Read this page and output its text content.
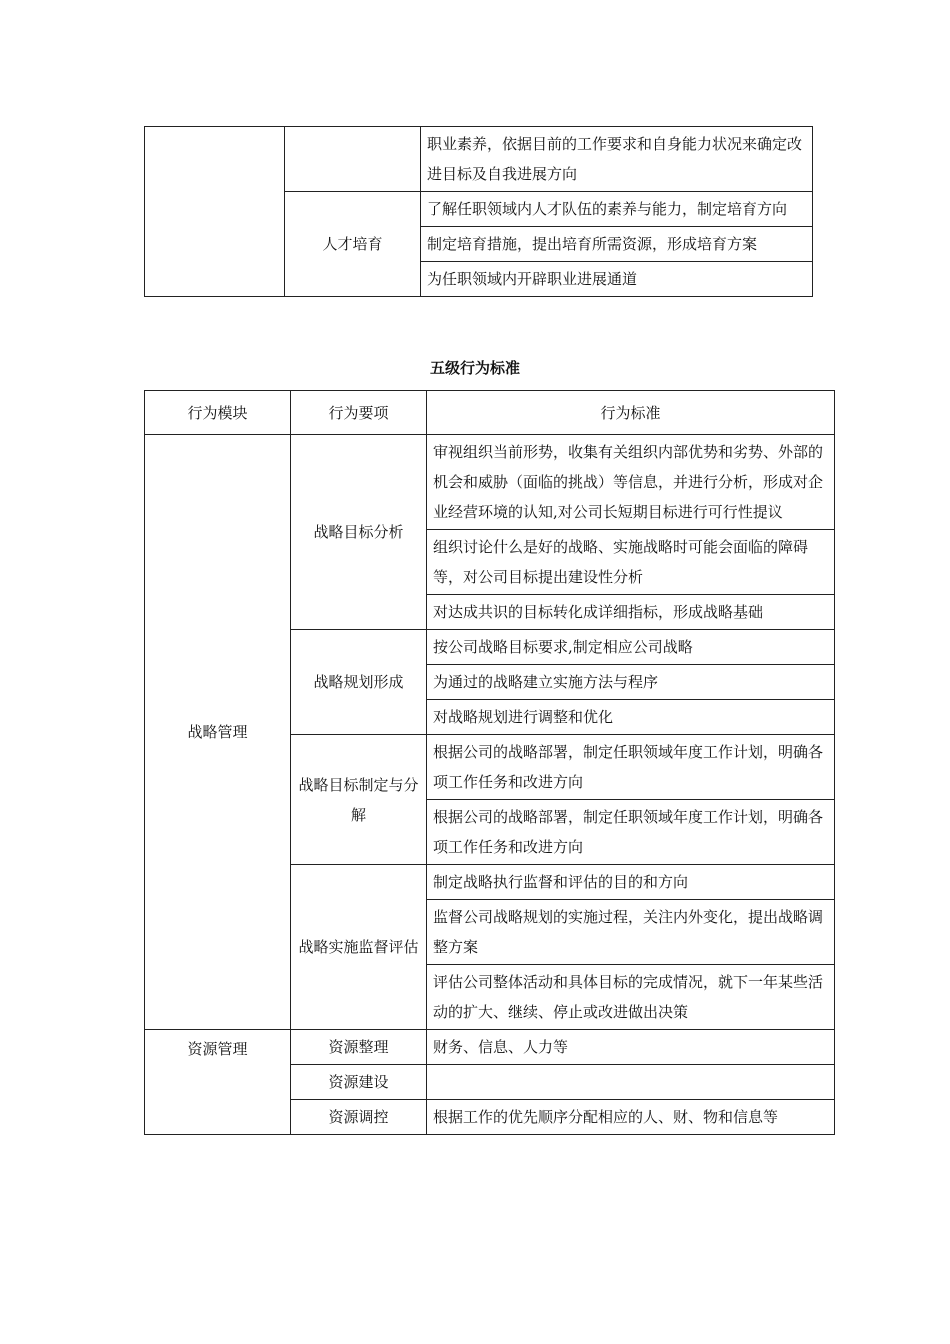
		职业素养，依据目前的工作要求和自身能力状况来确定改进目标及自我进展方向
	人才培育	了解任职领域内人才队伍的素养与能力，制定培育方向
		制定培育措施，提出培育所需资源，形成培育方案
		为任职领域内开辟职业进展通道
五级行为标准
行为模块	行为要项	行为标准
战略管理	战略目标分析	审视组织当前形势，收集有关组织内部优势和劣势、外部的机会和威胁（面临的挑战）等信息，并进行分析，形成对企业经营环境的认知,对公司长短期目标进行可行性提议
		组织讨论什么是好的战略、实施战略时可能会面临的障碍等，对公司目标提出建设性分析
		对达成共识的目标转化成详细指标，形成战略基础
	战略规划形成	按公司战略目标要求,制定相应公司战略
		为通过的战略建立实施方法与程序
		对战略规划进行调整和优化
	战略目标制定与分解	根据公司的战略部署，制定任职领域年度工作计划，明确各项工作任务和改进方向
		根据公司的战略部署，制定任职领域年度工作计划，明确各项工作任务和改进方向
	战略实施监督评估	制定战略执行监督和评估的目的和方向
		监督公司战略规划的实施过程，关注内外变化，提出战略调整方案
		评估公司整体活动和具体目标的完成情况，就下一年某些活动的扩大、继续、停止或改进做出决策
资源管理	资源整理	财务、信息、人力等
	资源建设	
	资源调控	根据工作的优先顺序分配相应的人、财、物和信息等
